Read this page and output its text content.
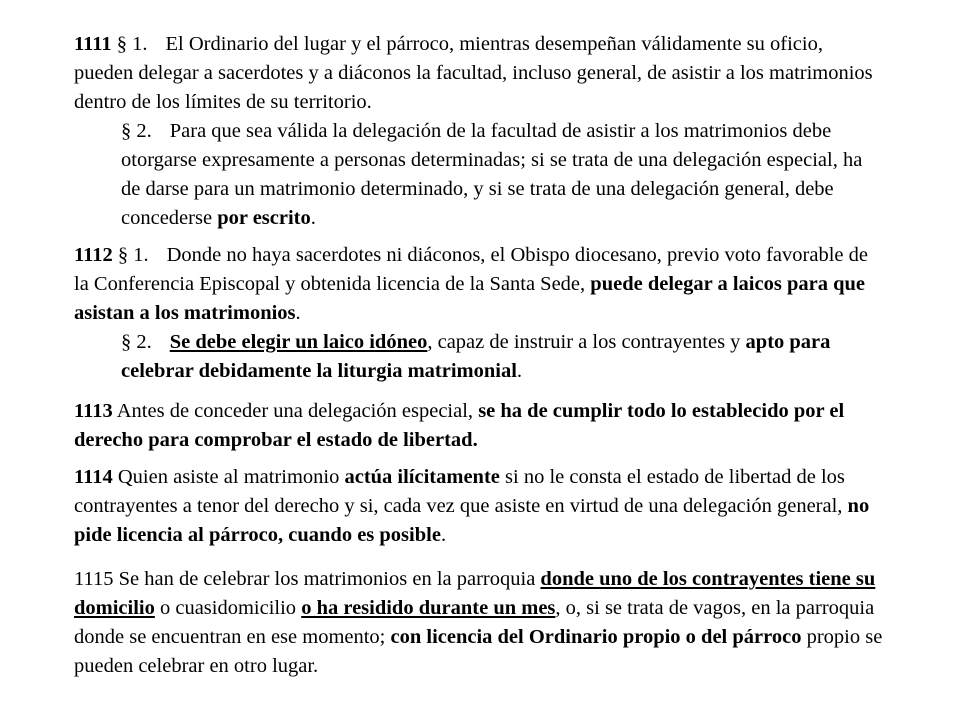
1111 § 1. El Ordinario del lugar y el párroco, mientras desempeñan válidamente su oficio, pueden delegar a sacerdotes y a diáconos la facultad, incluso general, de asistir a los matrimonios dentro de los límites de su territorio.

§ 2. Para que sea válida la delegación de la facultad de asistir a los matrimonios debe otorgarse expresamente a personas determinadas; si se trata de una delegación especial, ha de darse para un matrimonio determinado, y si se trata de una delegación general, debe concederse por escrito.

1112 § 1. Donde no haya sacerdotes ni diáconos, el Obispo diocesano, previo voto favorable de la Conferencia Episcopal y obtenida licencia de la Santa Sede, puede delegar a laicos para que asistan a los matrimonios.

§ 2. Se debe elegir un laico idóneo, capaz de instruir a los contrayentes y apto para celebrar debidamente la liturgia matrimonial.

1113 Antes de conceder una delegación especial, se ha de cumplir todo lo establecido por el derecho para comprobar el estado de libertad.

1114 Quien asiste al matrimonio actúa ilícitamente si no le consta el estado de libertad de los contrayentes a tenor del derecho y si, cada vez que asiste en virtud de una delegación general, no pide licencia al párroco, cuando es posible.

1115 Se han de celebrar los matrimonios en la parroquia donde uno de los contrayentes tiene su domicilio o cuasidomicilio o ha residido durante un mes, o, si se trata de vagos, en la parroquia donde se encuentran en ese momento; con licencia del Ordinario propio o del párroco propio se pueden celebrar en otro lugar.
